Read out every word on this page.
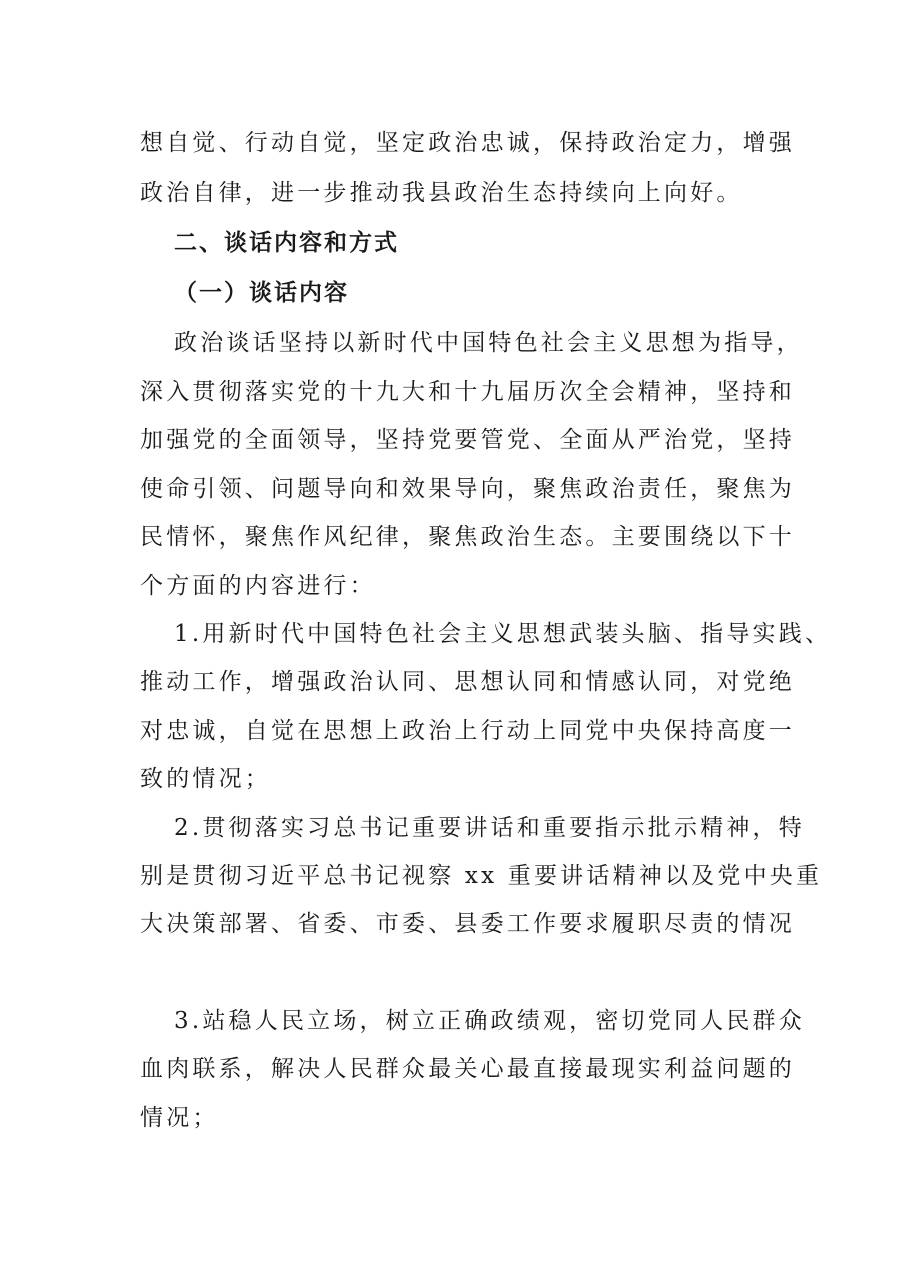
想自觉、行动自觉，坚定政治忠诚，保持政治定力，增强
政治自律，进一步推动我县政治生态持续向上向好。
二、谈话内容和方式
（一）谈话内容
政治谈话坚持以新时代中国特色社会主义思想为指导，
深入贯彻落实党的十九大和十九届历次全会精神，坚持和
加强党的全面领导，坚持党要管党、全面从严治党，坚持
使命引领、问题导向和效果导向，聚焦政治责任，聚焦为
民情怀，聚焦作风纪律，聚焦政治生态。主要围绕以下十
个方面的内容进行：
1.用新时代中国特色社会主义思想武装头脑、指导实践、
推动工作，增强政治认同、思想认同和情感认同，对党绝
对忠诚，自觉在思想上政治上行动上同党中央保持高度一
致的情况；
2.贯彻落实习总书记重要讲话和重要指示批示精神，特
别是贯彻习近平总书记视察 xx 重要讲话精神以及党中央重
大决策部署、省委、市委、县委工作要求履职尽责的情况
3.站稳人民立场，树立正确政绩观，密切党同人民群众
血肉联系，解决人民群众最关心最直接最现实利益问题的
情况；
